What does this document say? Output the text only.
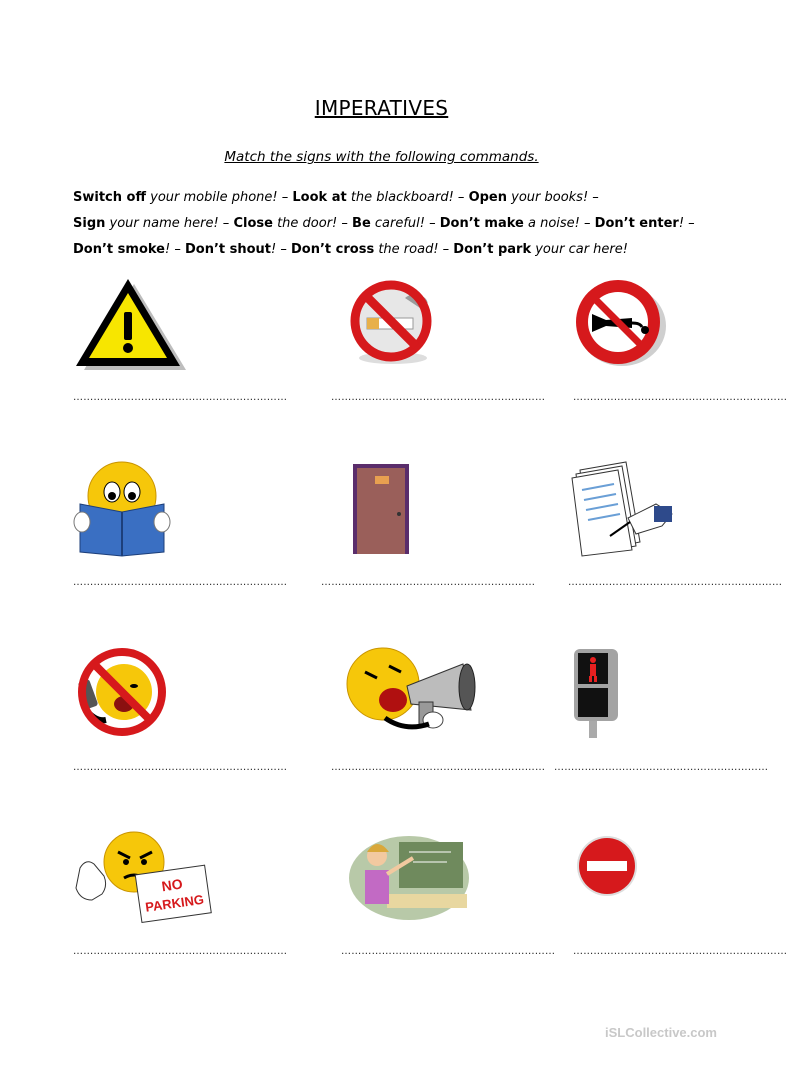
IMPERATIVES
Match the signs with the following commands.
Switch off your mobile phone! – Look at the blackboard! – Open your books! –
Sign your name here! – Close the door! – Be careful! – Don’t make a noise! – Don’t enter! –
Don’t smoke! – Don’t shout! – Don’t cross the road! – Don’t park your car here!
………………………………………………………	………………………………………………………	………………………………………………………
………………………………………………………	………………………………………………………	………………………………………………………
………………………………………………………	……………………………………………………… ………………………………………………………
NO
PARKING
………………………………………………………	……………………………………………………… ………………………………………………………
iSLCollective.com
